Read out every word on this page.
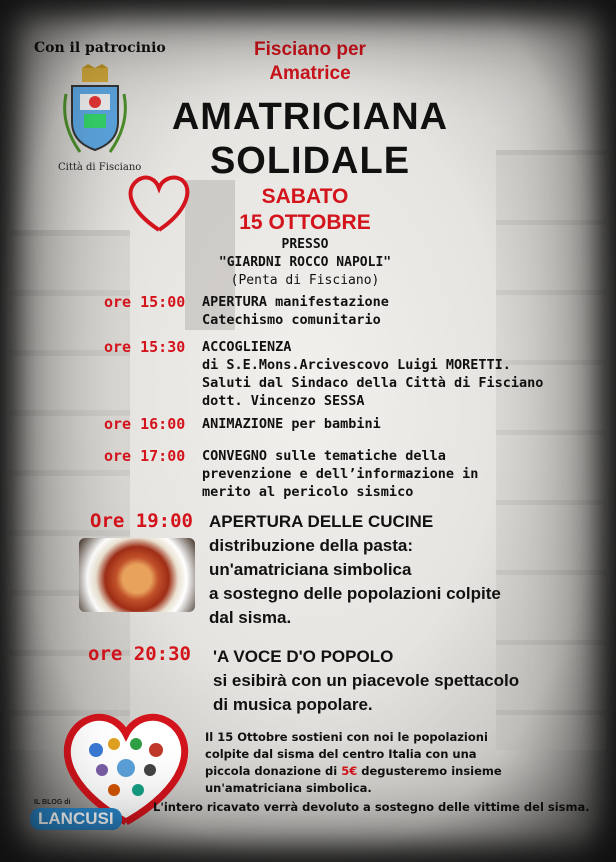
Con il patrocinio
Città di Fisciano
Fisciano per
Amatrice
AMATRICIANA
SOLIDALE
SABATO
15 OTTOBRE
PRESSO
"GIARDNI ROCCO NAPOLI"
(Penta di Fisciano)
ore 15:00 APERTURA manifestazione
Catechismo comunitario
ore 15:30 ACCOGLIENZA
di S.E.Mons.Arcivescovo Luigi MORETTI.
Saluti dal Sindaco della Città di Fisciano
dott. Vincenzo SESSA
ore 16:00 ANIMAZIONE per bambini
ore 17:00 CONVEGNO sulle tematiche della
prevenzione e dell’informazione in
merito al pericolo sismico
Ore 19:00 APERTURA DELLE CUCINE
distribuzione della pasta:
un'amatriciana simbolica
a sostegno delle popolazioni colpite
dal sisma.
ore 20:30 'A VOCE D'O POPOLO
si esibirà con un piacevole spettacolo
di musica popolare.
IL BLOG di
LANCUSI
Il 15 Ottobre sostieni con noi le popolazioni
colpite dal sisma del centro Italia con una
piccola donazione di 5€ degusteremo insieme
un'amatriciana simbolica.
L'intero ricavato verrà devoluto a sostegno delle vittime del sisma.
